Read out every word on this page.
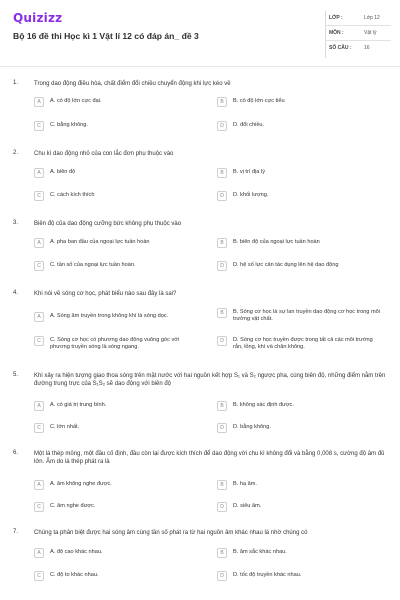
Quizizz
Bộ 16 đề thi Học kì 1 Vật lí 12 có đáp án_ đề 3
LỚP :	Lớp 12
MÔN :	Vật lý
SỐ CÂU :	16
1.	Trong dao động điều hòa, chất điểm đổi chiều chuyển động khi lực kéo về
A	A. có độ lớn cực đại.	B	B. có độ lớn cực tiểu
C	C. bằng không.	D	D. đổi chiều.
2.	Chu kì dao động nhỏ của con lắc đơn phụ thuộc vào
A	A. biên độ	B	B. vị trí địa lý
C	C. cách kích thích	D	D. khối lượng.
3.	Biên độ của dao động cưỡng bức không phụ thuộc vào
A	A. pha ban đầu của ngoại lực tuần hoàn	B	B. biên độ của ngoại lực tuần hoàn
C	C. tần số của ngoại lực tuần hoàn.	D	D. hệ số lực cản tác dụng lên hệ dao động
4.	Khi nói về sóng cơ học, phát biểu nào sau đây là sai?
A	A. Sóng âm truyền trong không khí là sóng dọc.	B	B. Sóng cơ học là sự lan truyền dao động cơ học trong môi trường vật chất.
C	C. Sóng cơ học có phương dao động vuông góc với phương truyền sóng là sóng ngang.
D	D. Sóng cơ học truyền được trong tất cả các môi trường rắn, lỏng, khí và chân không.
5.	Khi xảy ra hiện tượng giao thoa sóng trên mặt nước với hai nguồn kết hợp S₁ và S₂ ngược pha, cùng biên độ, những điểm nằm trên đường trung trực của S₁S₂ sẽ dao động với biên độ
A	A. có giá trị trung bình.	B	B. không xác định được.
C	C. lớn nhất.	D	D. bằng không.
6.	Một lá thép mỏng, một đầu cố định, đầu còn lại được kích thích để dao động với chu kì không đổi và bằng 0,008 s, cường độ âm đủ lớn. Âm do lá thép phát ra là
A	A. âm không nghe được.	B	B. hạ âm.
C	C. âm nghe được.	D	D. siêu âm.
7.	Chúng ta phân biệt được hai sóng âm cùng tần số phát ra từ hai nguồn âm khác nhau là nhờ chúng có
A	A. độ cao khác nhau.	B	B. âm sắc khác nhau.
C	C. độ to khác nhau.	D	D. tốc độ truyền khác nhau.
